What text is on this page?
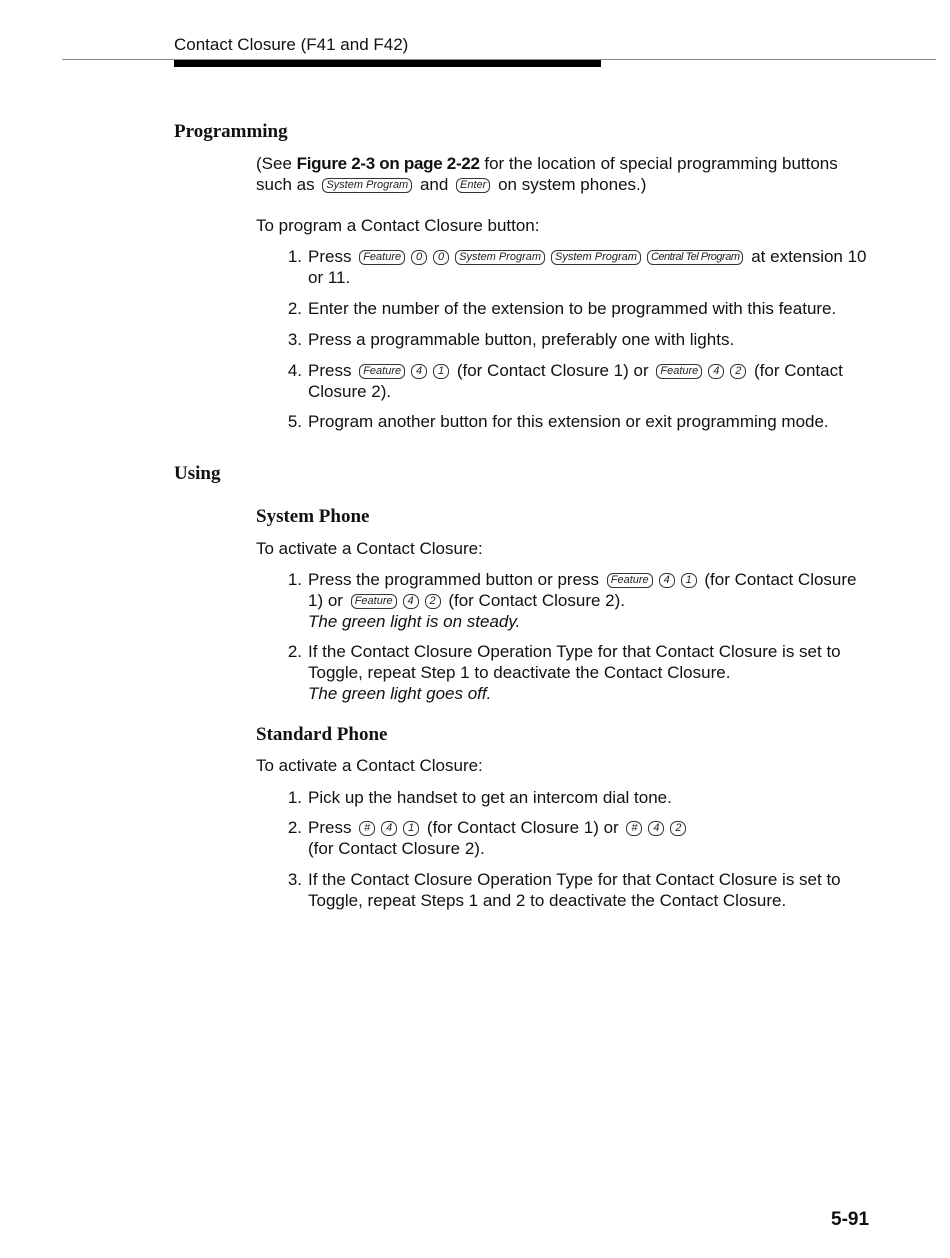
Contact Closure (F41 and F42)
Programming
(See Figure 2-3 on page 2-22 for the location of special programming buttons such as System Program and Enter on system phones.)
To program a Contact Closure button:
1. Press Feature 0 0 System Program System Program Central Tel Program at extension 10 or 11.
2. Enter the number of the extension to be programmed with this feature.
3. Press a programmable button, preferably one with lights.
4. Press Feature 4 1 (for Contact Closure 1) or Feature 4 2 (for Contact Closure 2).
5. Program another button for this extension or exit programming mode.
Using
System Phone
To activate a Contact Closure:
1. Press the programmed button or press Feature 4 1 (for Contact Closure 1) or Feature 4 2 (for Contact Closure 2).
The green light is on steady.
2. If the Contact Closure Operation Type for that Contact Closure is set to Toggle, repeat Step 1 to deactivate the Contact Closure.
The green light goes off.
Standard Phone
To activate a Contact Closure:
1. Pick up the handset to get an intercom dial tone.
2. Press # 4 1 (for Contact Closure 1) or # 4 2
(for Contact Closure 2).
3. If the Contact Closure Operation Type for that Contact Closure is set to Toggle, repeat Steps 1 and 2 to deactivate the Contact Closure.
5-91
